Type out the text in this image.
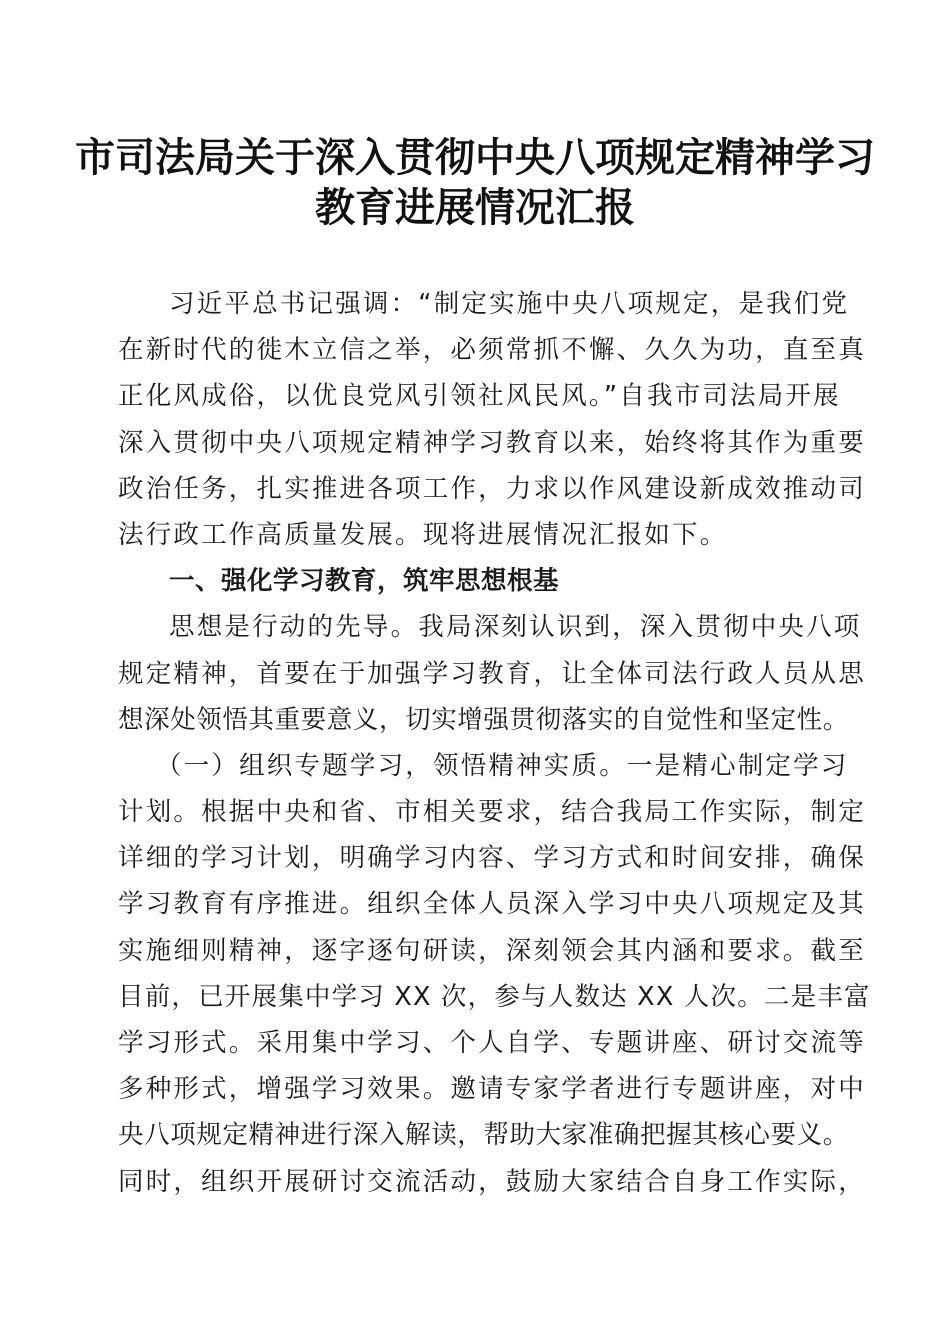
市司法局关于深入贯彻中央八项规定精神学习
教育进展情况汇报
习近平总书记强调：“制定实施中央八项规定，是我们党
在新时代的徙木立信之举，必须常抓不懈、久久为功，直至真
正化风成俗，以优良党风引领社风民风。”自我市司法局开展
深入贯彻中央八项规定精神学习教育以来，始终将其作为重要
政治任务，扎实推进各项工作，力求以作风建设新成效推动司
法行政工作高质量发展。现将进展情况汇报如下。
一、强化学习教育，筑牢思想根基
思想是行动的先导。我局深刻认识到，深入贯彻中央八项
规定精神，首要在于加强学习教育，让全体司法行政人员从思
想深处领悟其重要意义，切实增强贯彻落实的自觉性和坚定性。
（一）组织专题学习，领悟精神实质。一是精心制定学习
计划。根据中央和省、市相关要求，结合我局工作实际，制定
详细的学习计划，明确学习内容、学习方式和时间安排，确保
学习教育有序推进。组织全体人员深入学习中央八项规定及其
实施细则精神，逐字逐句研读，深刻领会其内涵和要求。截至
目前，已开展集中学习 XX 次，参与人数达 XX 人次。二是丰富
学习形式。采用集中学习、个人自学、专题讲座、研讨交流等
多种形式，增强学习效果。邀请专家学者进行专题讲座，对中
央八项规定精神进行深入解读，帮助大家准确把握其核心要义。
同时，组织开展研讨交流活动，鼓励大家结合自身工作实际，
